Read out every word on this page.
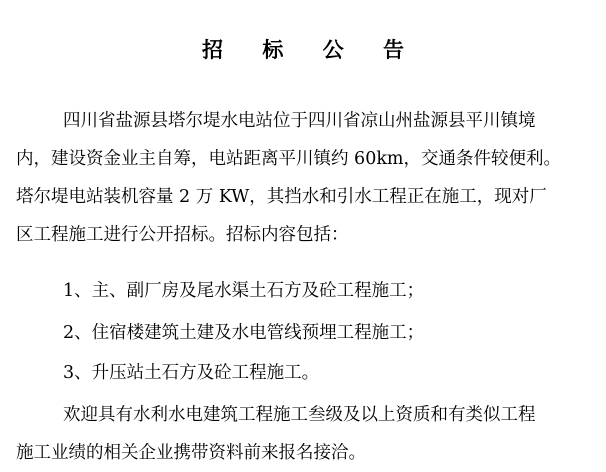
招 标 公 告
四川省盐源县塔尔堤水电站位于四川省凉山州盐源县平川镇境
内，建设资金业主自筹，电站距离平川镇约 60km，交通条件较便利。
塔尔堤电站装机容量 2 万 KW，其挡水和引水工程正在施工，现对厂
区工程施工进行公开招标。招标内容包括：
1、主、副厂房及尾水渠土石方及砼工程施工；
2、住宿楼建筑土建及水电管线预埋工程施工；
3、升压站土石方及砼工程施工。
欢迎具有水利水电建筑工程施工叁级及以上资质和有类似工程
施工业绩的相关企业携带资料前来报名接洽。
